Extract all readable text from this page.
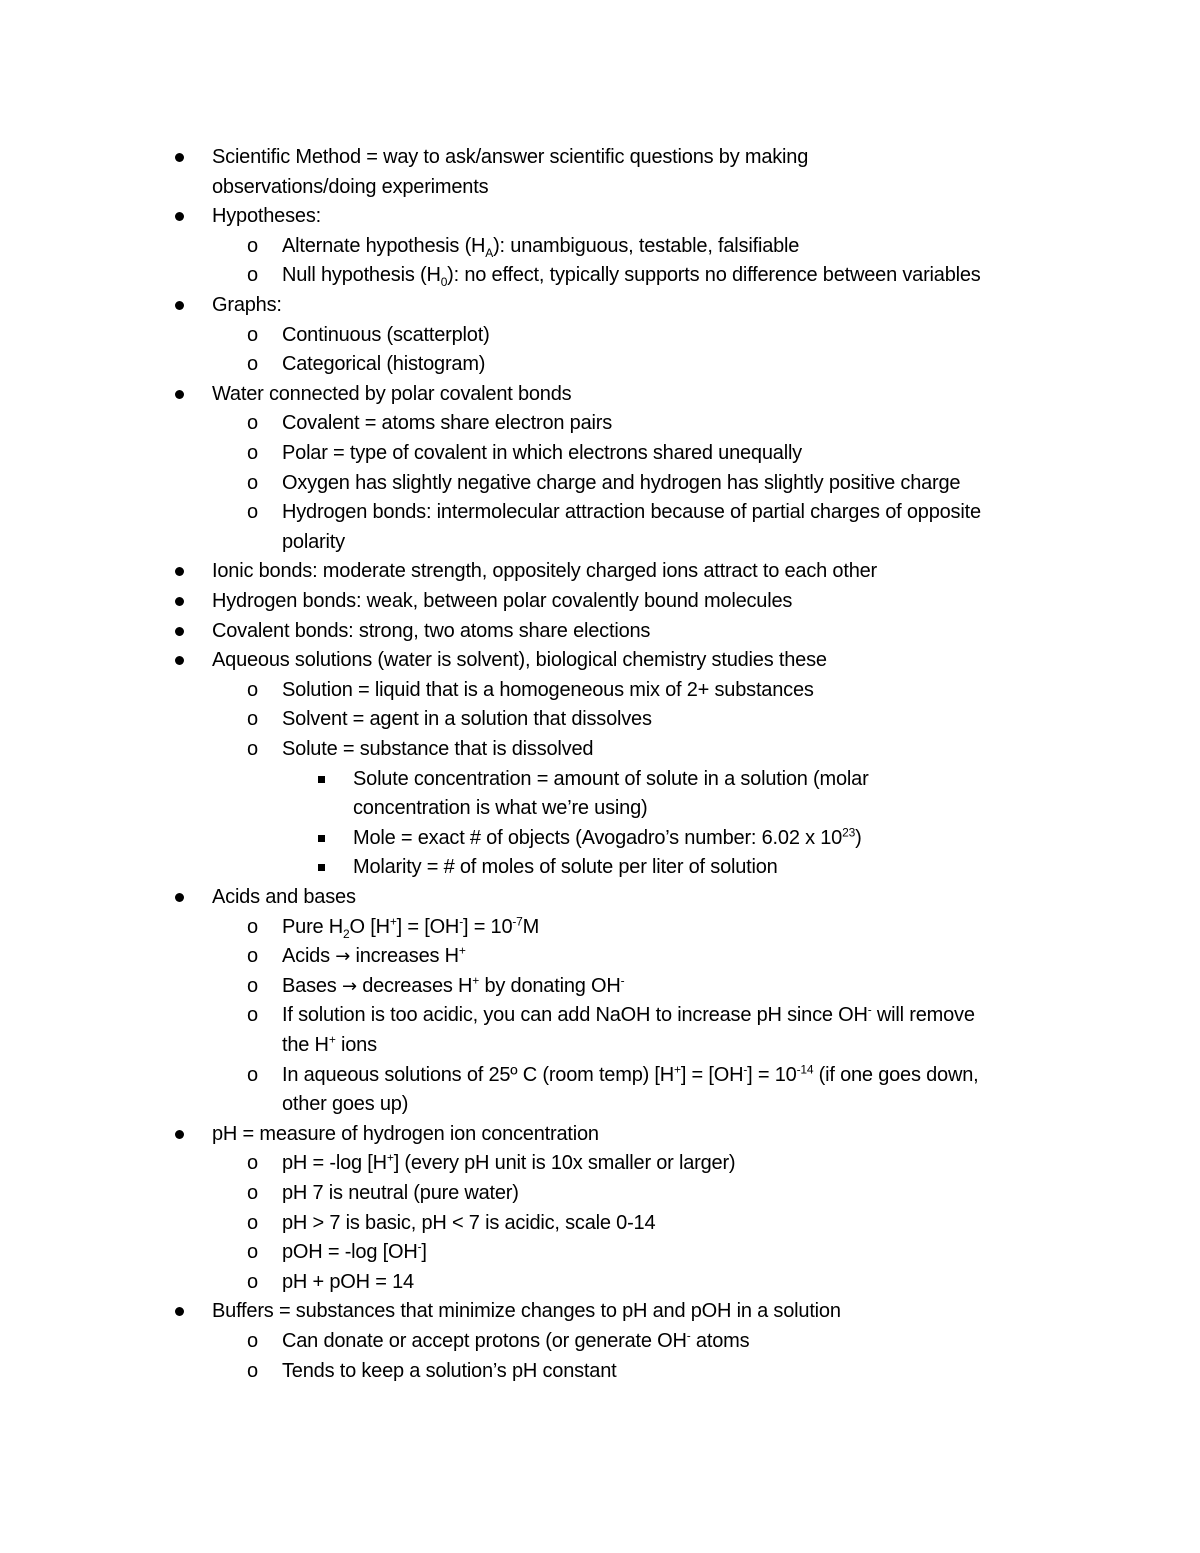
Scientific Method = way to ask/answer scientific questions by making
observations/doing experiments
Hypotheses:
o Alternate hypothesis $(H_A)$: unambiguous, testable, falsifiable
o Null hypothesis $(H_0)$: no effect, typically supports no difference between variables
Graphs:
o Continuous (scatterplot)
o Categorical (histogram)
Water connected by polar covalent bonds
o Covalent = atoms share electron pairs
o Polar = type of covalent in which electrons shared unequally
o Oxygen has slightly negative charge and hydrogen has slightly positive charge
o Hydrogen bonds: intermolecular attraction because of partial charges of opposite
polarity
Ionic bonds: moderate strength, oppositely charged ions attract to each other
Hydrogen bonds: weak, between polar covalently bound molecules
Covalent bonds: strong, two atoms share elections
Aqueous solutions (water is solvent), biological chemistry studies these
o Solution = liquid that is a homogeneous mix of 2+ substances
o Solvent = agent in a solution that dissolves
o Solute = substance that is dissolved
Solute concentration = amount of solute in a solution (molar
concentration is what we’re using)
Mole = exact # of objects (Avogadro’s number: 6.02 x $10^{23}$)
Molarity = # of moles of solute per liter of solution
Acids and bases
o Pure $H_2O$ $[H^+] = [OH^-] = 10^{-7}M$
o Acids → increases H+
o Bases → decreases H+ by donating OH-
o If solution is too acidic, you can add NaOH to increase pH since OH- will remove
the H+ ions
o In aqueous solutions of 25º C (room temp) $[H^+] = [OH^-] = 10^{-14}$ (if one goes down,
other goes up)
pH = measure of hydrogen ion concentration
o pH = -log [H+] (every pH unit is 10x smaller or larger)
o pH 7 is neutral (pure water)
o pH > 7 is basic, pH < 7 is acidic, scale 0-14
o pOH = -log [OH-]
o pH + pOH = 14
Buffers = substances that minimize changes to pH and pOH in a solution
o Can donate or accept protons (or generate OH- atoms
o Tends to keep a solution’s pH constant
